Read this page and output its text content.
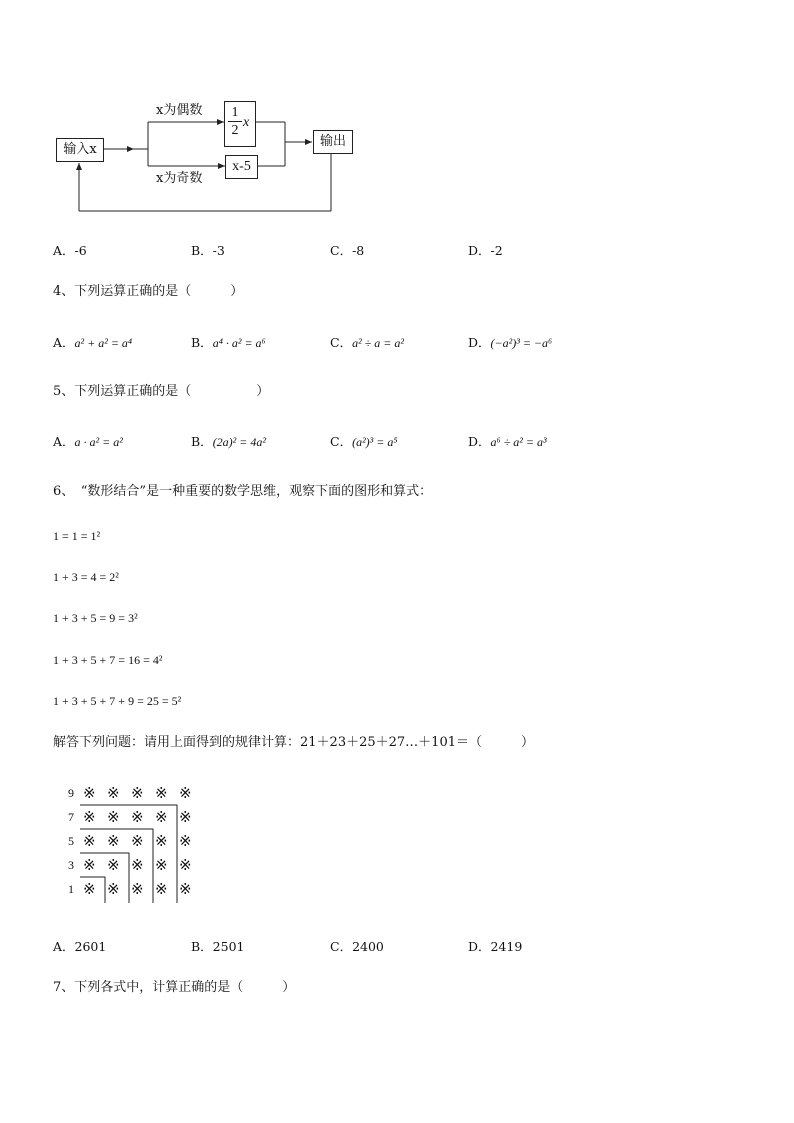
输入x
x为偶数
x为奇数
1
2
x
x-5
输出
A．-6	B．-3	C．-8	D．-2
4、下列运算正确的是（　　　）
A．a² + a² = a⁴	B．a⁴ · a² = a⁶	C．a² ÷ a = a²	D．(−a²)³ = −a⁶
5、下列运算正确的是（　　　　　）
A．a · a² = a²	B．(2a)² = 4a²	C．(a²)³ = a⁵	D．a⁶ ÷ a² = a³
6、　“数形结合”是一种重要的数学思维，观察下面的图形和算式：
1 = 1 = 1²
1 + 3 = 4 = 2²
1 + 3 + 5 = 9 = 3²
1 + 3 + 5 + 7 = 16 = 4²
1 + 3 + 5 + 7 + 9 = 25 = 5²
解答下列问题：请用上面得到的规律计算：21＋23＋25＋27…＋101＝（　　　）
9
7
5
3
1
※ ※ ※ ※ ※
※ ※ ※ ※ ※
※ ※ ※ ※ ※
※ ※ ※ ※ ※
※ ※ ※ ※ ※
A．2601	B．2501	C．2400	D．2419
7、下列各式中，计算正确的是（　　　）
